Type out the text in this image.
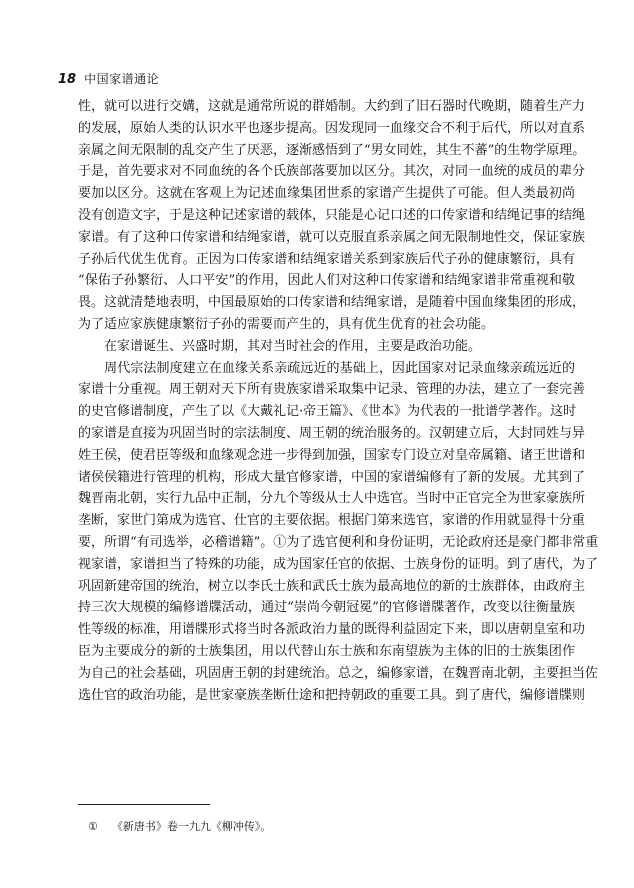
18 中国家谱通论
性，就可以进行交媾，这就是通常所说的群婚制。大约到了旧石器时代晚期，随着生产力
的发展，原始人类的认识水平也逐步提高。因发现同一血缘交合不利于后代，所以对直系
亲属之间无限制的乱交产生了厌恶，逐渐感悟到了“男女同姓，其生不蕃”的生物学原理。
于是，首先要求对不同血统的各个氏族部落要加以区分。其次，对同一血统的成员的辈分
要加以区分。这就在客观上为记述血缘集团世系的家谱产生提供了可能。但人类最初尚
没有创造文字，于是这种记述家谱的载体，只能是心记口述的口传家谱和结绳记事的结绳
家谱。有了这种口传家谱和结绳家谱，就可以克服直系亲属之间无限制地性交，保证家族
子孙后代优生优育。正因为口传家谱和结绳家谱关系到家族后代子孙的健康繁衍，具有
“保佑子孙繁衍、人口平安”的作用，因此人们对这种口传家谱和结绳家谱非常重视和敬
畏。这就清楚地表明，中国最原始的口传家谱和结绳家谱，是随着中国血缘集团的形成，
为了适应家族健康繁衍子孙的需要而产生的，具有优生优育的社会功能。
　　在家谱诞生、兴盛时期，其对当时社会的作用，主要是政治功能。
　　周代宗法制度建立在血缘关系亲疏远近的基础上，因此国家对记录血缘亲疏远近的
家谱十分重视。周王朝对天下所有贵族家谱采取集中记录、管理的办法，建立了一套完善
的史官修谱制度，产生了以《大戴礼记·帝王篇》、《世本》为代表的一批谱学著作。这时
的家谱是直接为巩固当时的宗法制度、周王朝的统治服务的。汉朝建立后，大封同姓与异
姓王侯，使君臣等级和血缘观念进一步得到加强，国家专门设立对皇帝属籍、诸王世谱和
诸侯侯籍进行管理的机构，形成大量官修家谱，中国的家谱编修有了新的发展。尤其到了
魏晋南北朝，实行九品中正制，分九个等级从士人中选官。当时中正官完全为世家豪族所
垄断，家世门第成为选官、仕官的主要依据。根据门第来选官，家谱的作用就显得十分重
要，所谓“有司选举，必稽谱籍”。①为了选官便利和身份证明，无论政府还是豪门都非常重
视家谱，家谱担当了特殊的功能，成为国家任官的依据、士族身份的证明。到了唐代，为了
巩固新建帝国的统治，树立以李氏士族和武氏士族为最高地位的新的士族群体，由政府主
持三次大规模的编修谱牒活动，通过“崇尚今朝冠冕”的官修谱牒著作，改变以往衡量族
性等级的标准，用谱牒形式将当时各派政治力量的既得利益固定下来，即以唐朝皇室和功
臣为主要成分的新的士族集团，用以代替山东士族和东南望族为主体的旧的士族集团作
为自己的社会基础，巩固唐王朝的封建统治。总之，编修家谱，在魏晋南北朝，主要担当佐
选仕官的政治功能，是世家豪族垄断仕途和把持朝政的重要工具。到了唐代，编修谱牒则
① 《新唐书》卷一九九《柳冲传》。
